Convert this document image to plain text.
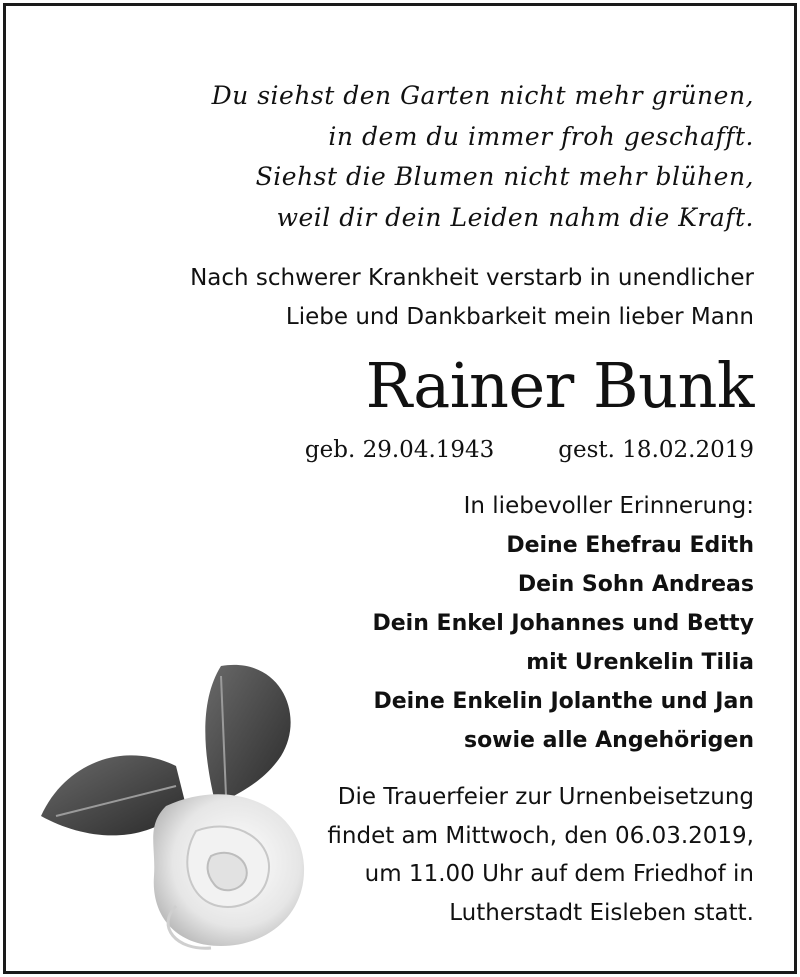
Du siehst den Garten nicht mehr grünen,
in dem du immer froh geschafft.
Siehst die Blumen nicht mehr blühen,
weil dir dein Leiden nahm die Kraft.
Nach schwerer Krankheit verstarb in unendlicher
Liebe und Dankbarkeit mein lieber Mann
Rainer Bunk
geb. 29.04.1943	gest. 18.02.2019
In liebevoller Erinnerung:
Deine Ehefrau Edith
Dein Sohn Andreas
Dein Enkel Johannes und Betty
mit Urenkelin Tilia
Deine Enkelin Jolanthe und Jan
sowie alle Angehörigen
Die Trauerfeier zur Urnenbeisetzung
findet am Mittwoch, den 06.03.2019,
um 11.00 Uhr auf dem Friedhof in
Lutherstadt Eisleben statt.
